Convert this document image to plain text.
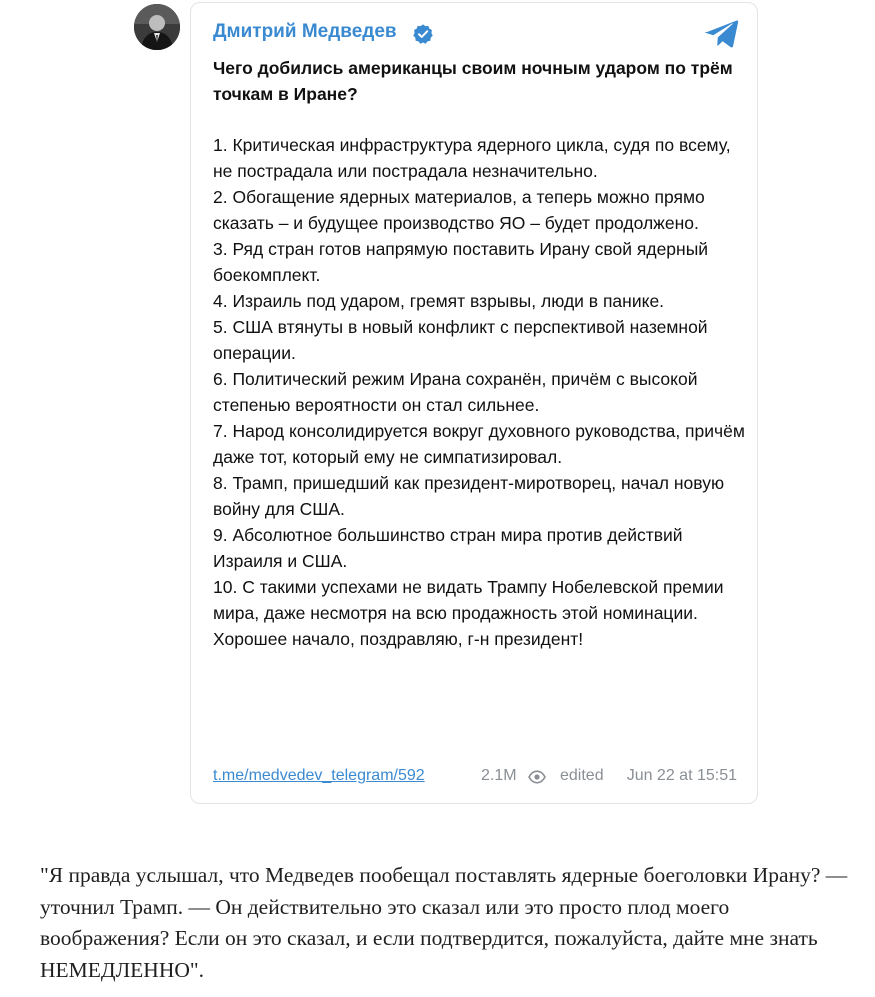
Дмитрий Медведев
Чего добились американцы своим ночным ударом по трём точкам в Иране?
1. Критическая инфраструктура ядерного цикла, судя по всему, не пострадала или пострадала незначительно.
2. Обогащение ядерных материалов, а теперь можно прямо сказать – и будущее производство ЯО – будет продолжено.
3. Ряд стран готов напрямую поставить Ирану свой ядерный боекомплект.
4. Израиль под ударом, гремят взрывы, люди в панике.
5. США втянуты в новый конфликт с перспективой наземной операции.
6. Политический режим Ирана сохранён, причём с высокой степенью вероятности он стал сильнее.
7. Народ консолидируется вокруг духовного руководства, причём даже тот, который ему не симпатизировал.
8. Трамп, пришедший как президент-миротворец, начал новую войну для США.
9. Абсолютное большинство стран мира против действий Израиля и США.
10. С такими успехами не видать Трампу Нобелевской премии мира, даже несмотря на всю продажность этой номинации. Хорошее начало, поздравляю, г-н президент!
t.me/medvedev_telegram/592	2.1M	edited Jun 22 at 15:51

"Я правда услышал, что Медведев пообещал поставлять ядерные боеголовки Ирану? — уточнил Трамп. — Он действительно это сказал или это просто плод моего воображения? Если он это сказал, и если подтвердится, пожалуйста, дайте мне знать НЕМЕДЛЕННО".
